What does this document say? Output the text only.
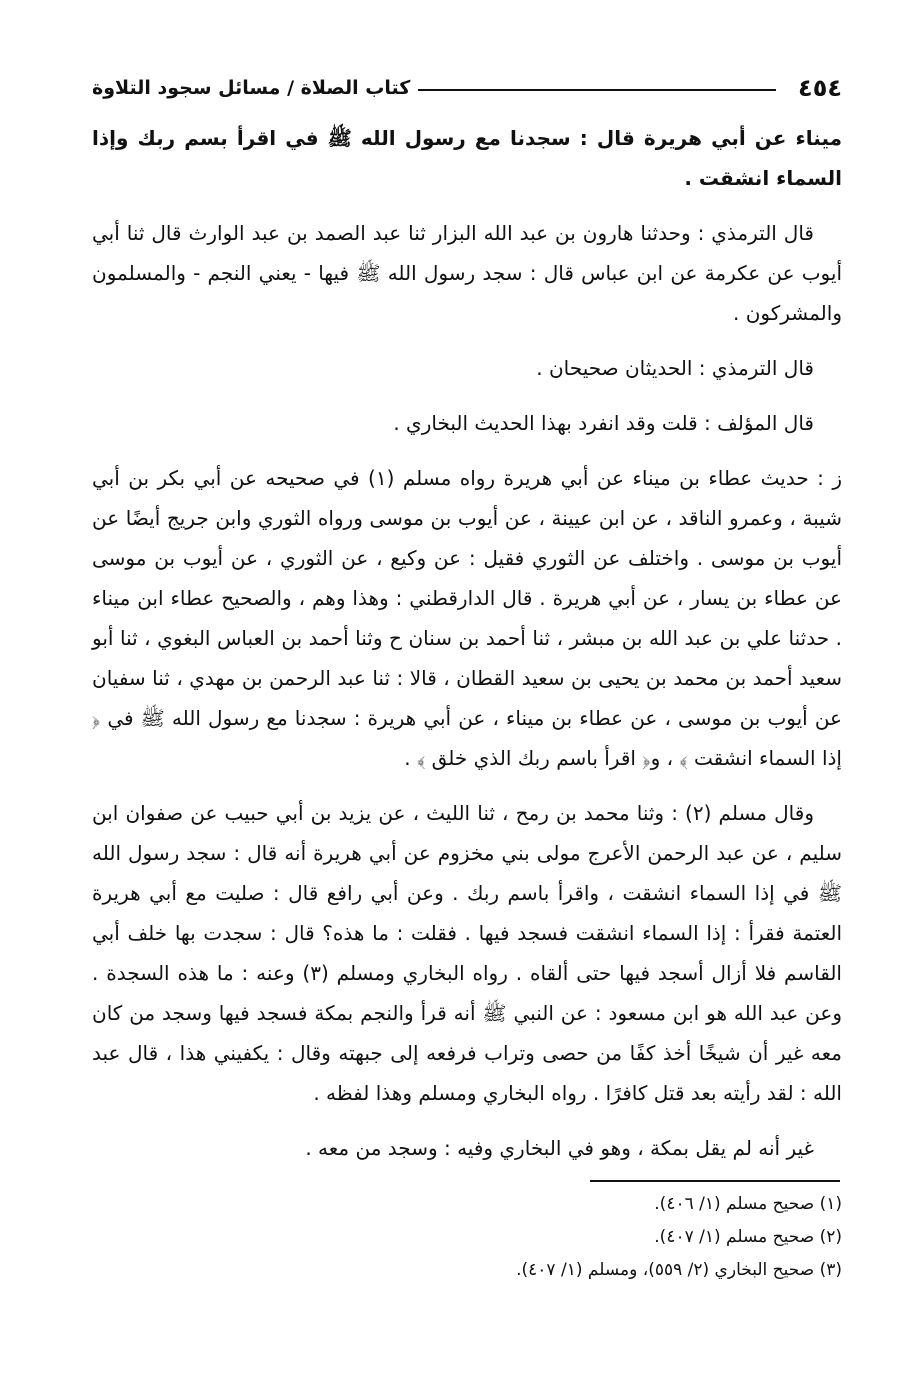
٤٥٤
كتاب الصلاة / مسائل سجود التلاوة

ميناء عن أبي هريرة قال : سجدنا مع رسول الله ﷺ في اقرأ بسم ربك وإذا السماء انشقت .

قال الترمذي : وحدثنا هارون بن عبد الله البزار ثنا عبد الصمد بن عبد الوارث قال ثنا أبي أيوب عن عكرمة عن ابن عباس قال : سجد رسول الله ﷺ فيها - يعني النجم - والمسلمون والمشركون .

قال الترمذي : الحديثان صحيحان .

قال المؤلف : قلت وقد انفرد بهذا الحديث البخاري .

ز : حديث عطاء بن ميناء عن أبي هريرة رواه مسلم (١) في صحيحه عن أبي بكر بن أبي شيبة ، وعمرو الناقد ، عن ابن عيينة ، عن أيوب بن موسى ورواه الثوري وابن جريج أيضًا عن أيوب بن موسى . واختلف عن الثوري فقيل : عن وكيع ، عن الثوري ، عن أيوب بن موسى عن عطاء بن يسار ، عن أبي هريرة . قال الدارقطني : وهذا وهم ، والصحيح عطاء ابن ميناء . حدثنا علي بن عبد الله بن مبشر ، ثنا أحمد بن سنان ح وثنا أحمد بن العباس البغوي ، ثنا أبو سعيد أحمد بن محمد بن يحيى بن سعيد القطان ، قالا : ثنا عبد الرحمن بن مهدي ، ثنا سفيان عن أيوب بن موسى ، عن عطاء بن ميناء ، عن أبي هريرة : سجدنا مع رسول الله ﷺ في ﴿ إذا السماء انشقت ﴾ ، و﴿ اقرأ باسم ربك الذي خلق ﴾ .

وقال مسلم (٢) : وثنا محمد بن رمح ، ثنا الليث ، عن يزيد بن أبي حبيب عن صفوان ابن سليم ، عن عبد الرحمن الأعرج مولى بني مخزوم عن أبي هريرة أنه قال : سجد رسول الله ﷺ في إذا السماء انشقت ، واقرأ باسم ربك . وعن أبي رافع قال : صليت مع أبي هريرة العتمة فقرأ : إذا السماء انشقت فسجد فيها . فقلت : ما هذه؟ قال : سجدت بها خلف أبي القاسم فلا أزال أسجد فيها حتى ألقاه . رواه البخاري ومسلم (٣) وعنه : ما هذه السجدة . وعن عبد الله هو ابن مسعود : عن النبي ﷺ أنه قرأ والنجم بمكة فسجد فيها وسجد من كان معه غير أن شيخًا أخذ كفًا من حصى وتراب فرفعه إلى جبهته وقال : يكفيني هذا ، قال عبد الله : لقد رأيته بعد قتل كافرًا . رواه البخاري ومسلم وهذا لفظه .

غير أنه لم يقل بمكة ، وهو في البخاري وفيه : وسجد من معه .

(١) صحيح مسلم (١/ ٤٠٦).
(٢) صحيح مسلم (١/ ٤٠٧).
(٣) صحيح البخاري (٢/ ٥٥٩)، ومسلم (١/ ٤٠٧).
